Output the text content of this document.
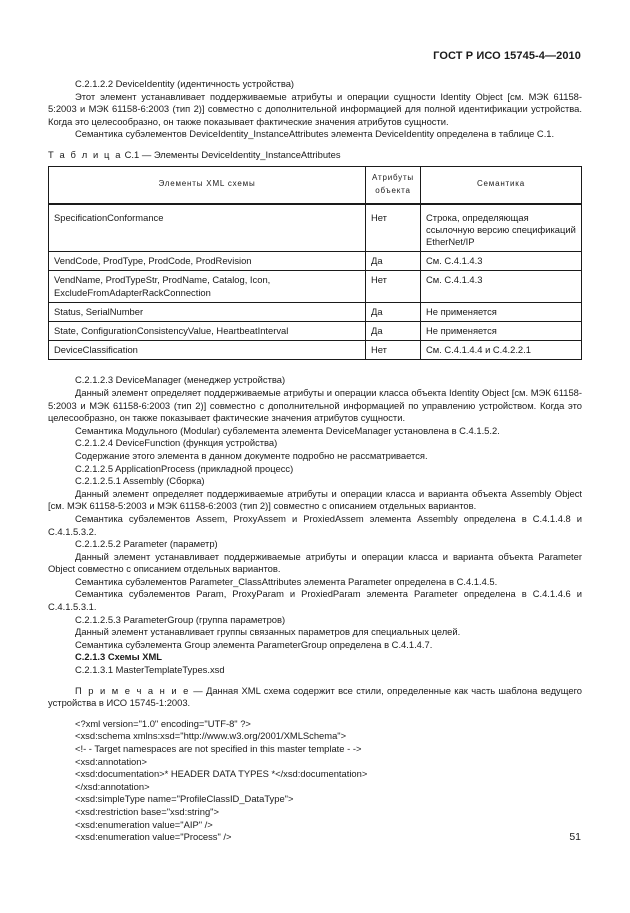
ГОСТ Р ИСО 15745-4—2010

C.2.1.2.2 DeviceIdentity (идентичность устройства)

Этот элемент устанавливает поддерживаемые атрибуты и операции сущности Identity Object [см. МЭК 61158-5:2003 и МЭК 61158-6:2003 (тип 2)] совместно с дополнительной информацией для полной идентификации устройства. Когда это целесообразно, он также показывает фактические значения атрибутов сущности.

Семантика субэлементов DeviceIdentity_InstanceAttributes элемента DeviceIdentity определена в таблице С.1.

Т а б л и ц а С.1 — Элементы DeviceIdentity_InstanceAttributes

Элементы XML схемы	Атрибуты объекта	Семантика
SpecificationConformance	Нет	Строка, определяющая ссылочную версию спецификаций EtherNet/IP
VendCode, ProdType, ProdCode, ProdRevision	Да	См. С.4.1.4.3
VendName, ProdTypeStr, ProdName, Catalog, Icon, ExcludeFromAdapterRackConnection	Нет	См. С.4.1.4.3
Status, SerialNumber	Да	Не применяется
State, ConfigurationConsistencyValue, HeartbeatInterval	Да	Не применяется
DeviceClassification	Нет	См. С.4.1.4.4 и С.4.2.2.1

C.2.1.2.3 DeviceManager (менеджер устройства)

Данный элемент определяет поддерживаемые атрибуты и операции класса объекта Identity Object [см. МЭК 61158-5:2003 и МЭК 61158-6:2003 (тип 2)] совместно с дополнительной информацией по управлению устройством. Когда это целесообразно, он также показывает фактические значения атрибутов сущности.

Семантика Модульного (Modular) субэлемента элемента DeviceManager установлена в С.4.1.5.2.

C.2.1.2.4 DeviceFunction (функция устройства)

Содержание этого элемента в данном документе подробно не рассматривается.

C.2.1.2.5 ApplicationProcess (прикладной процесс)

C.2.1.2.5.1 Assembly (Сборка)

Данный элемент определяет поддерживаемые атрибуты и операции класса и варианта объекта Assembly Object [см. МЭК 61158-5:2003 и МЭК 61158-6:2003 (тип 2)] совместно с описанием отдельных вариантов.

Семантика субэлементов Assem, ProxyAssem и ProxiedAssem элемента Assembly определена в С.4.1.4.8 и С.4.1.5.3.2.

C.2.1.2.5.2 Parameter (параметр)

Данный элемент устанавливает поддерживаемые атрибуты и операции класса и варианта объекта Parameter Object совместно с описанием отдельных вариантов.

Семантика субэлементов Parameter_ClassAttributes элемента Parameter определена в С.4.1.4.5.

Семантика субэлементов Param, ProxyParam и ProxiedParam элемента Parameter определена в С.4.1.4.6 и С.4.1.5.3.1.

C.2.1.2.5.3 ParameterGroup (группа параметров)

Данный элемент устанавливает группы связанных параметров для специальных целей.

Семантика субэлемента Group элемента ParameterGroup определена в С.4.1.4.7.

C.2.1.3 Схемы XML

C.2.1.3.1 MasterTemplateTypes.xsd

П р и м е ч а н и е — Данная XML схема содержит все стили, определенные как часть шаблона ведущего устройства в ИСО 15745-1:2003.

<?xml version="1.0" encoding="UTF-8" ?>
<xsd:schema xmlns:xsd="http://www.w3.org/2001/XMLSchema">
<!- - Target namespaces are not specified in this master template - ->
<xsd:annotation>
<xsd:documentation>* HEADER DATA TYPES *</xsd:documentation>
</xsd:annotation>
<xsd:simpleType name="ProfileClassID_DataType">
<xsd:restriction base="xsd:string">
<xsd:enumeration value="AIP" />
<xsd:enumeration value="Process" />	51
